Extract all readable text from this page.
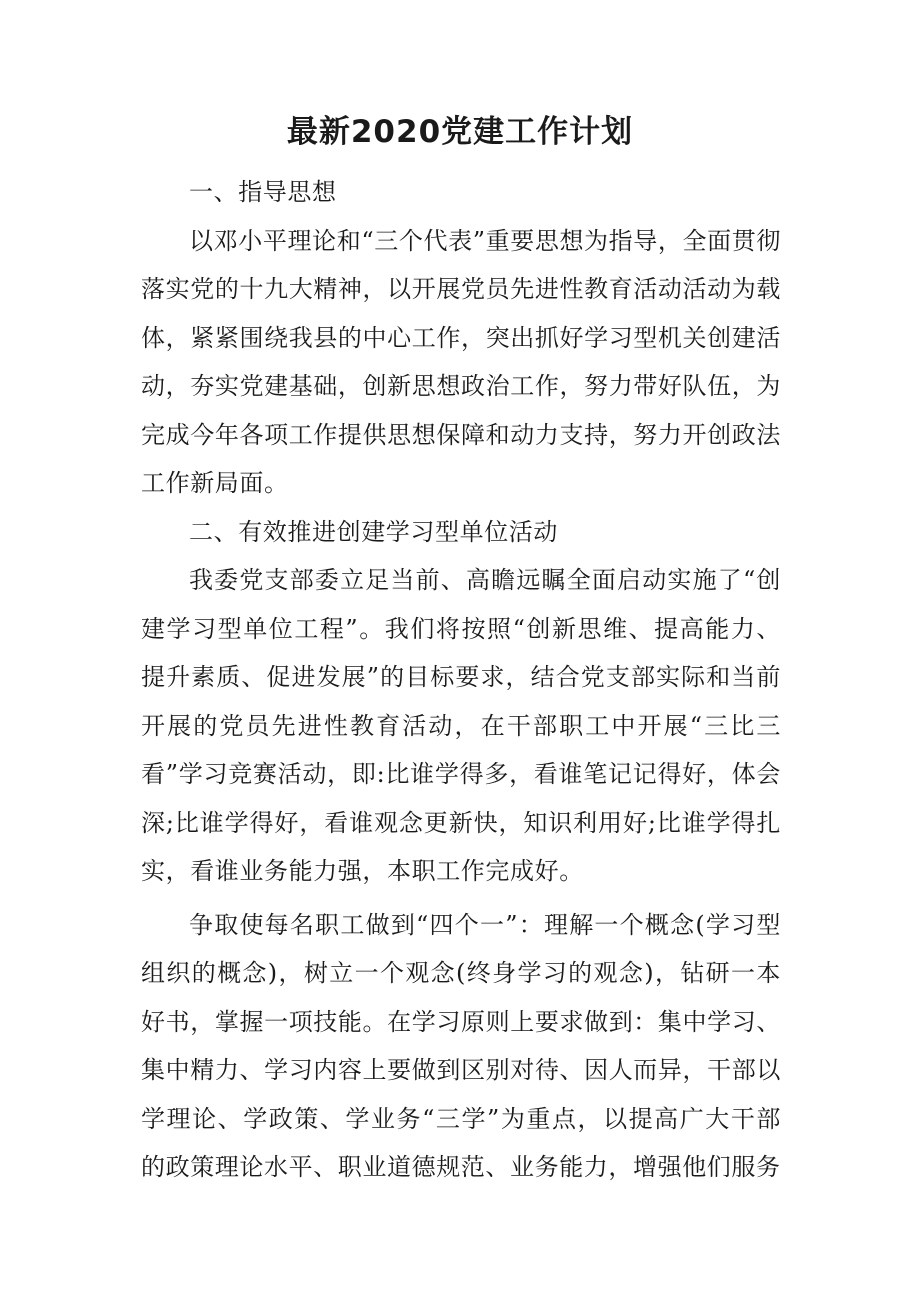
最新2020党建工作计划

一、指导思想

以邓小平理论和“三个代表”重要思想为指导，全面贯彻落实党的十九大精神，以开展党员先进性教育活动活动为载体，紧紧围绕我县的中心工作，突出抓好学习型机关创建活动，夯实党建基础，创新思想政治工作，努力带好队伍，为完成今年各项工作提供思想保障和动力支持，努力开创政法工作新局面。

二、有效推进创建学习型单位活动

我委党支部委立足当前、高瞻远瞩全面启动实施了“创建学习型单位工程”。我们将按照“创新思维、提高能力、提升素质、促进发展”的目标要求，结合党支部实际和当前开展的党员先进性教育活动，在干部职工中开展“三比三看”学习竞赛活动，即:比谁学得多，看谁笔记记得好，体会深;比谁学得好，看谁观念更新快，知识利用好;比谁学得扎实，看谁业务能力强，本职工作完成好。

争取使每名职工做到“四个一”：理解一个概念(学习型组织的概念)，树立一个观念(终身学习的观念)，钻研一本好书，掌握一项技能。在学习原则上要求做到：集中学习、集中精力、学习内容上要做到区别对待、因人而异，干部以学理论、学政策、学业务“三学”为重点，以提高广大干部的政策理论水平、职业道德规范、业务能力，增强他们服务
